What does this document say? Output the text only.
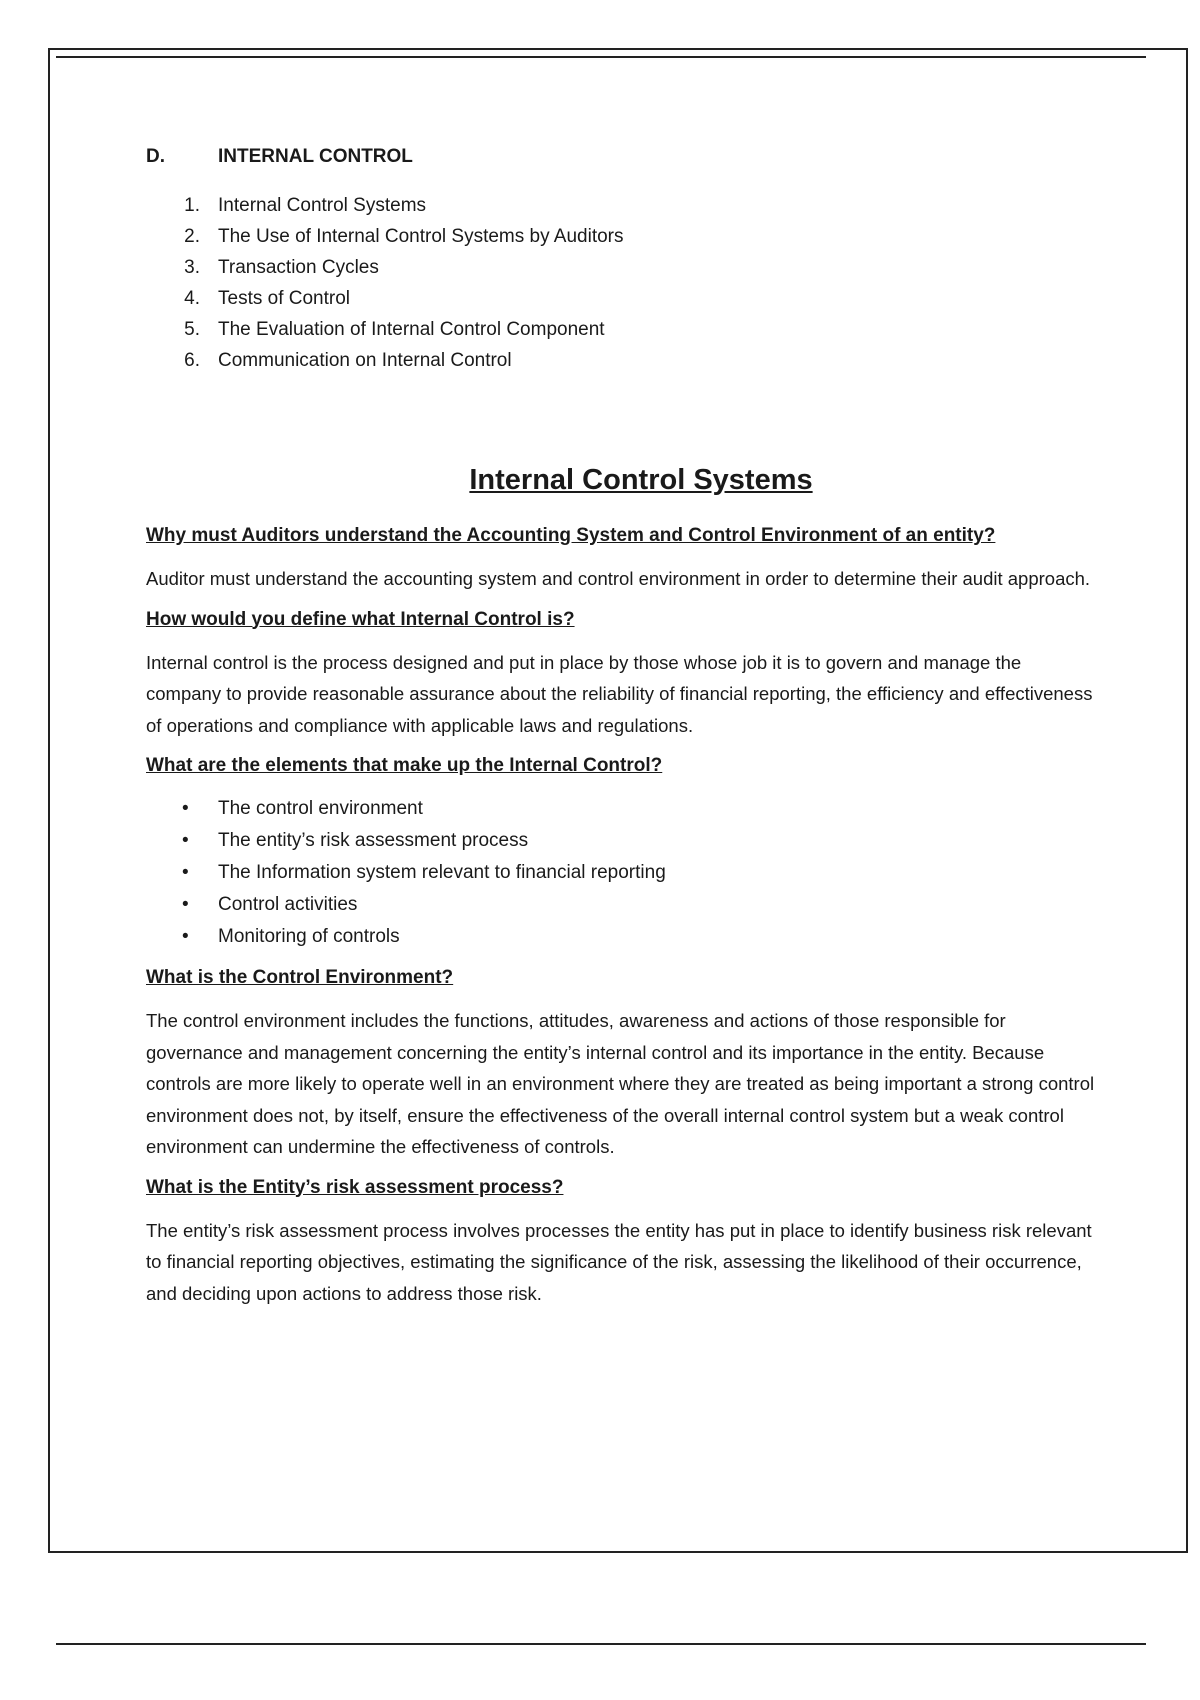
D.	INTERNAL CONTROL
1. Internal Control Systems
2. The Use of Internal Control Systems by Auditors
3. Transaction Cycles
4. Tests of Control
5. The Evaluation of Internal Control Component
6. Communication on Internal Control
Internal Control Systems
Why must Auditors understand the Accounting System and Control Environment of an entity?

Auditor must understand the accounting system and control environment in order to determine their audit approach.

How would you define what Internal Control is?

Internal control is the process designed and put in place by those whose job it is to govern and manage the company to provide reasonable assurance about the reliability of financial reporting, the efficiency and effectiveness of operations and compliance with applicable laws and regulations.

What are the elements that make up the Internal Control?
•	The control environment
•	The entity’s risk assessment process
•	The Information system relevant to financial reporting
•	Control activities
•	Monitoring of controls
What is the Control Environment?

The control environment includes the functions, attitudes, awareness and actions of those responsible for governance and management concerning the entity’s internal control and its importance in the entity. Because controls are more likely to operate well in an environment where they are treated as being important a strong control environment does not, by itself, ensure the effectiveness of the overall internal control system but a weak control environment can undermine the effectiveness of controls.

What is the Entity’s risk assessment process?

The entity’s risk assessment process involves processes the entity has put in place to identify business risk relevant to financial reporting objectives, estimating the significance of the risk, assessing the likelihood of their occurrence, and deciding upon actions to address those risk.
